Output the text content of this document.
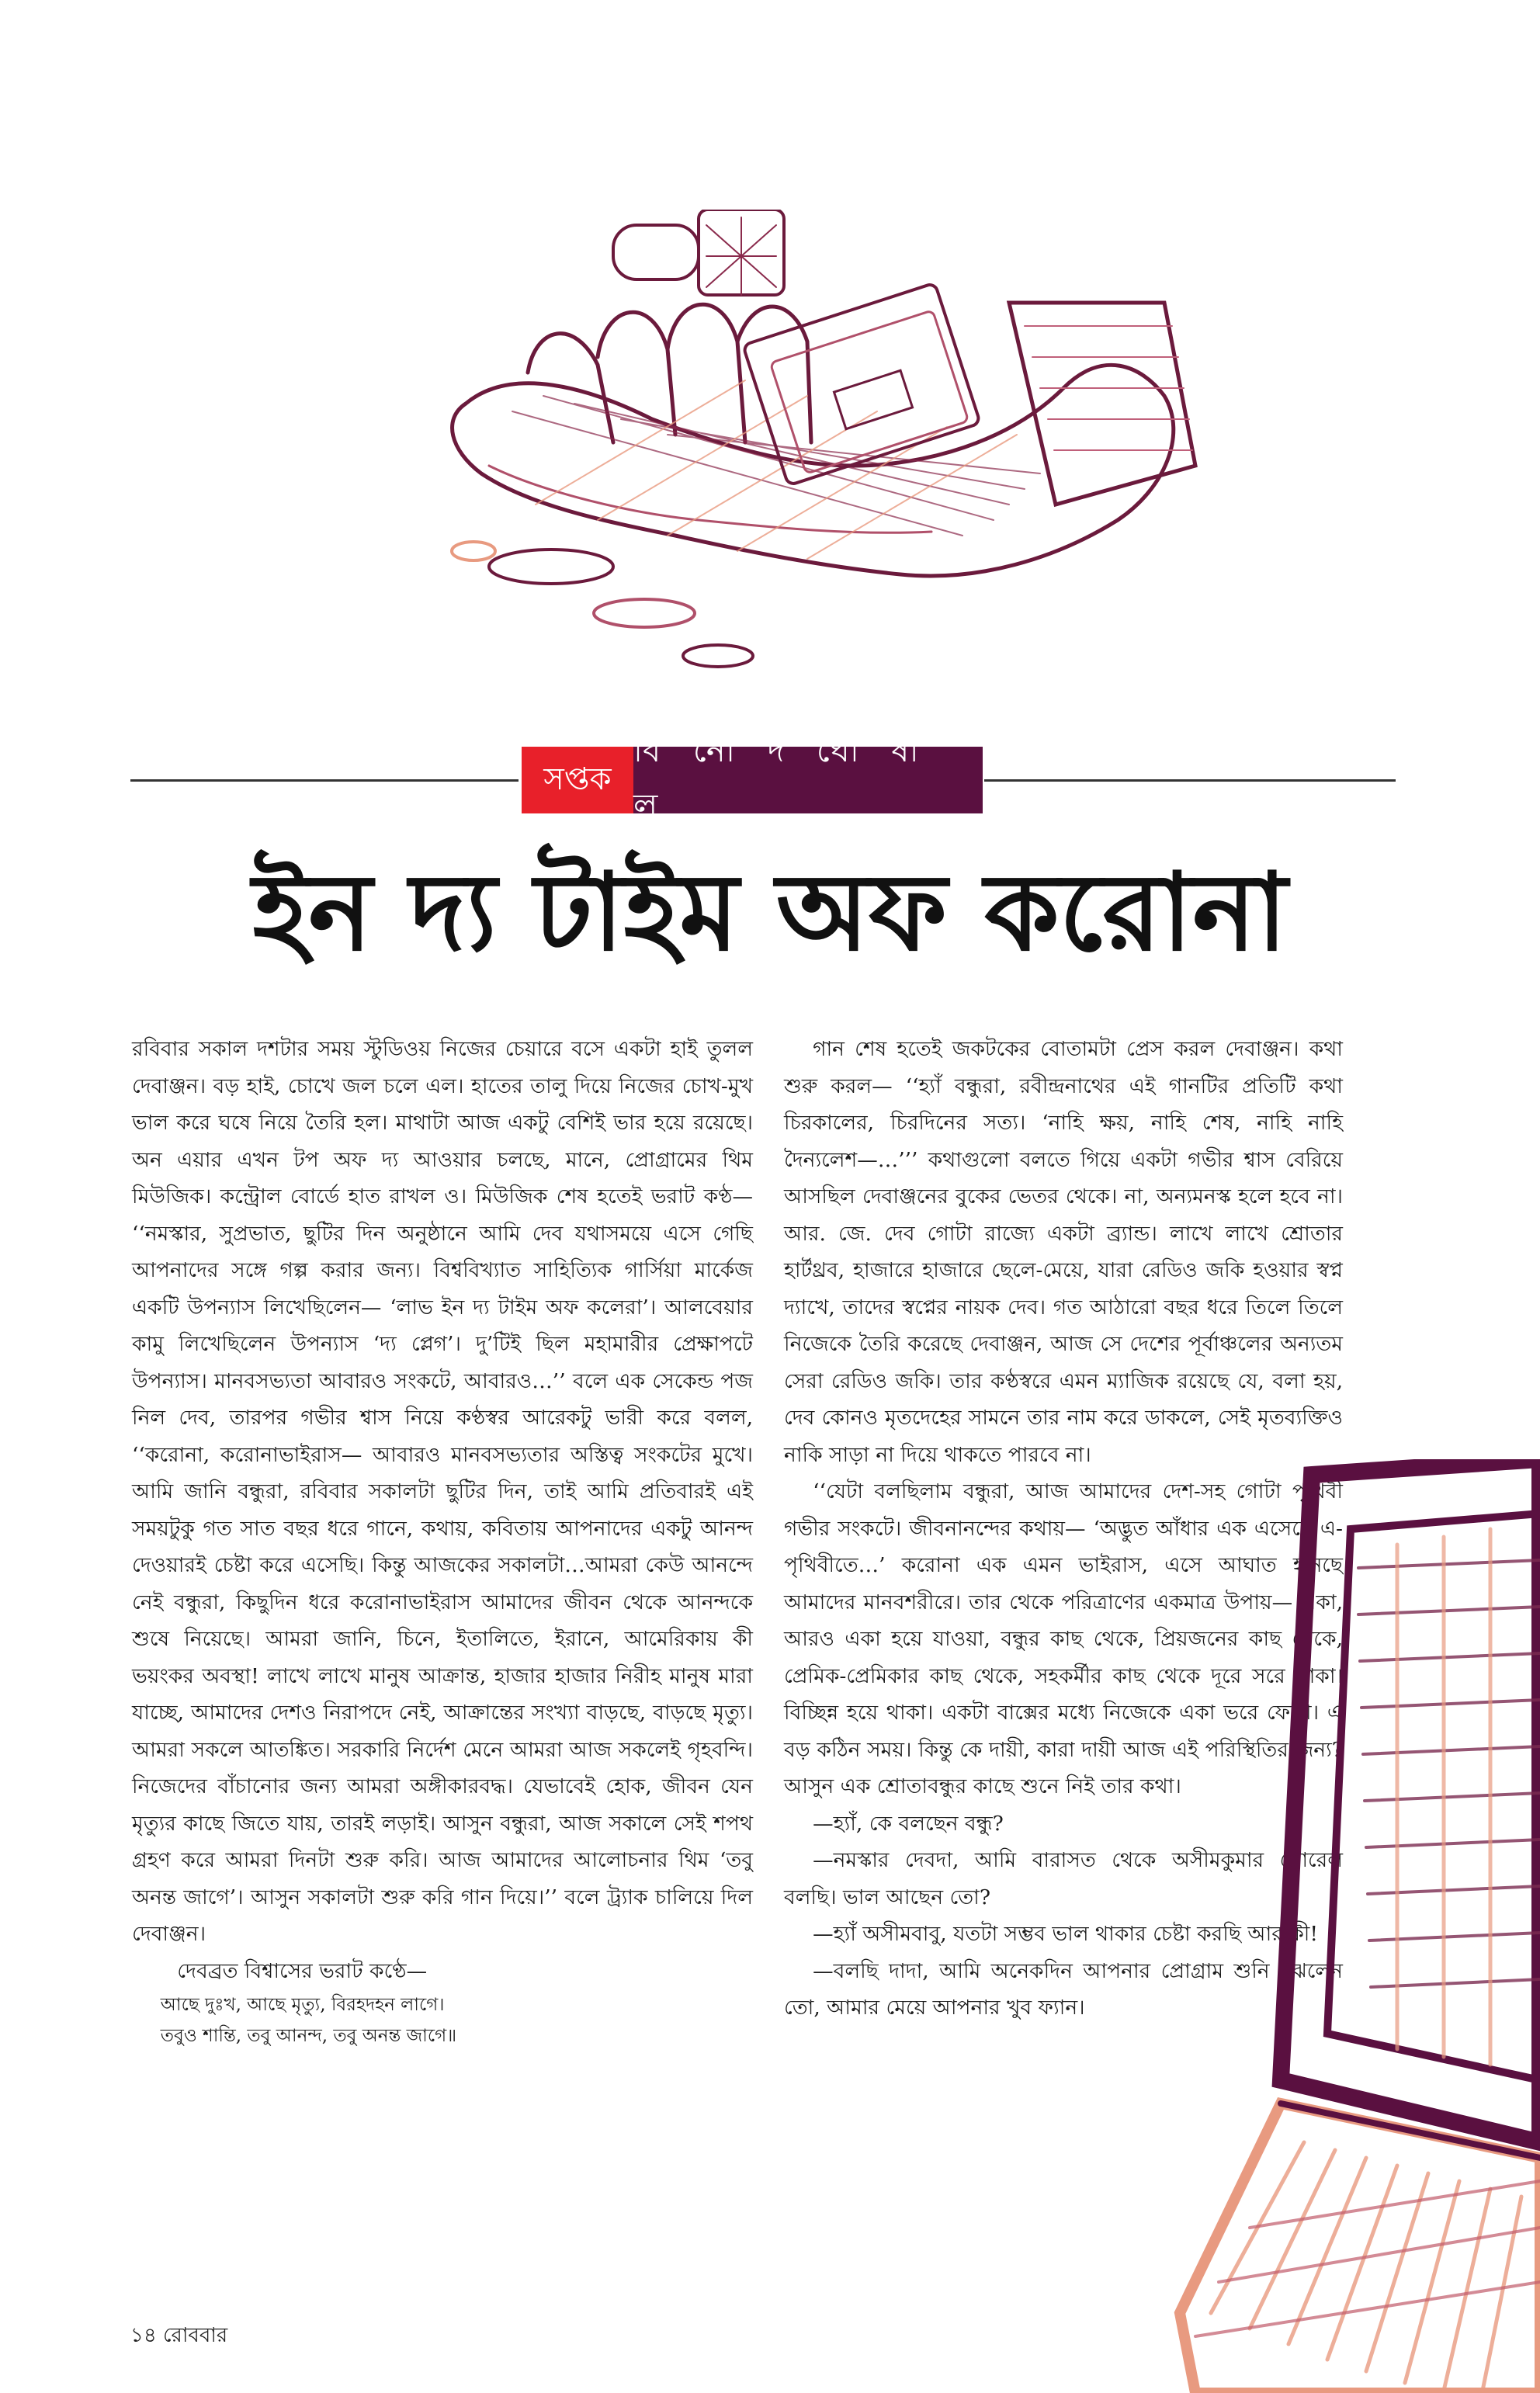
সপ্তক
বি নো দ ঘো ষা ল
ইন দ্য টাইম অফ করোনা

রবিবার সকাল দশটার সময় স্টুডিওয় নিজের চেয়ারে বসে একটা হাই তুলল দেবাঞ্জন। বড় হাই, চোখে জল চলে এল। হাতের তালু দিয়ে নিজের চোখ-মুখ ভাল করে ঘষে নিয়ে তৈরি হল। মাথাটা আজ একটু বেশিই ভার হয়ে রয়েছে। অন এয়ার এখন টপ অফ দ্য আওয়ার চলছে, মানে, প্রোগ্রামের থিম মিউজিক। কন্ট্রোল বোর্ডে হাত রাখল ও। মিউজিক শেষ হতেই ভরাট কণ্ঠ— ‘‘নমস্কার, সুপ্রভাত, ছুটির দিন অনুষ্ঠানে আমি দেব যথাসময়ে এসে গেছি আপনাদের সঙ্গে গল্প করার জন্য। বিশ্ববিখ্যাত সাহিত্যিক গার্সিয়া মার্কেজ একটি উপন্যাস লিখেছিলেন— ‘লাভ ইন দ্য টাইম অফ কলেরা’। আলবেয়ার কামু লিখেছিলেন উপন্যাস ‘দ্য প্লেগ’। দু’টিই ছিল মহামারীর প্রেক্ষাপটে উপন্যাস। মানবসভ্যতা আবারও সংকটে, আবারও…’’ বলে এক সেকেন্ড পজ নিল দেব, তারপর গভীর শ্বাস নিয়ে কণ্ঠস্বর আরেকটু ভারী করে বলল, ‘‘করোনা, করোনাভাইরাস— আবারও মানবসভ্যতার অস্তিত্ব সংকটের মুখে। আমি জানি বন্ধুরা, রবিবার সকালটা ছুটির দিন, তাই আমি প্রতিবারই এই সময়টুকু গত সাত বছর ধরে গানে, কথায়, কবিতায় আপনাদের একটু আনন্দ দেওয়ারই চেষ্টা করে এসেছি। কিন্তু আজকের সকালটা…আমরা কেউ আনন্দে নেই বন্ধুরা, কিছুদিন ধরে করোনাভাইরাস আমাদের জীবন থেকে আনন্দকে শুষে নিয়েছে। আমরা জানি, চিনে, ইতালিতে, ইরানে, আমেরিকায় কী ভয়ংকর অবস্থা! লাখে লাখে মানুষ আক্রান্ত, হাজার হাজার নিরীহ মানুষ মারা যাচ্ছে, আমাদের দেশও নিরাপদে নেই, আক্রান্তের সংখ্যা বাড়ছে, বাড়ছে মৃত্যু। আমরা সকলে আতঙ্কিত। সরকারি নির্দেশ মেনে আমরা আজ সকলেই গৃহবন্দি। নিজেদের বাঁচানোর জন্য আমরা অঙ্গীকারবদ্ধ। যেভাবেই হোক, জীবন যেন মৃত্যুর কাছে জিতে যায়, তারই লড়াই। আসুন বন্ধুরা, আজ সকালে সেই শপথ গ্রহণ করে আমরা দিনটা শুরু করি। আজ আমাদের আলোচনার থিম ‘তবু অনন্ত জাগে’। আসুন সকালটা শুরু করি গান দিয়ে।’’ বলে ট্র্যাক চালিয়ে দিল দেবাঞ্জন।

দেবব্রত বিশ্বাসের ভরাট কণ্ঠে—

আছে দুঃখ, আছে মৃত্যু, বিরহদহন লাগে।

তবুও শান্তি, তবু আনন্দ, তবু অনন্ত জাগে॥

গান শেষ হতেই জকটকের বোতামটা প্রেস করল দেবাঞ্জন। কথা শুরু করল— ‘‘হ্যাঁ বন্ধুরা, রবীন্দ্রনাথের এই গানটির প্রতিটি কথা চিরকালের, চিরদিনের সত্য। ‘নাহি ক্ষয়, নাহি শেষ, নাহি নাহি দৈন্যলেশ—…’’’ কথাগুলো বলতে গিয়ে একটা গভীর শ্বাস বেরিয়ে আসছিল দেবাঞ্জনের বুকের ভেতর থেকে। না, অন্যমনস্ক হলে হবে না। আর. জে. দেব গোটা রাজ্যে একটা ব্র্যান্ড। লাখে লাখে শ্রোতার হার্টথ্রব, হাজারে হাজারে ছেলে-মেয়ে, যারা রেডিও জকি হওয়ার স্বপ্ন দ্যাখে, তাদের স্বপ্নের নায়ক দেব। গত আঠারো বছর ধরে তিলে তিলে নিজেকে তৈরি করেছে দেবাঞ্জন, আজ সে দেশের পূর্বাঞ্চলের অন্যতম সেরা রেডিও জকি। তার কণ্ঠস্বরে এমন ম্যাজিক রয়েছে যে, বলা হয়, দেব কোনও মৃতদেহের সামনে তার নাম করে ডাকলে, সেই মৃতব্যক্তিও নাকি সাড়া না দিয়ে থাকতে পারবে না।

‘‘যেটা বলছিলাম বন্ধুরা, আজ আমাদের দেশ-সহ গোটা পৃথিবী গভীর সংকটে। জীবনানন্দের কথায়— ‘অদ্ভুত আঁধার এক এসেছে এ-পৃথিবীতে…’ করোনা এক এমন ভাইরাস, এসে আঘাত হানছে আমাদের মানবশরীরে। তার থেকে পরিত্রাণের একমাত্র উপায়— একা, আরও একা হয়ে যাওয়া, বন্ধুর কাছ থেকে, প্রিয়জনের কাছ থেকে, প্রেমিক-প্রেমিকার কাছ থেকে, সহকর্মীর কাছ থেকে দূরে সরে থাকা। বিচ্ছিন্ন হয়ে থাকা। একটা বাক্সের মধ্যে নিজেকে একা ভরে ফেলা। এ বড় কঠিন সময়। কিন্তু কে দায়ী, কারা দায়ী আজ এই পরিস্থিতির জন্য? আসুন এক শ্রোতাবন্ধুর কাছে শুনে নিই তার কথা।

—হ্যাঁ, কে বলছেন বন্ধু?

—নমস্কার দেবদা, আমি বারাসত থেকে অসীমকুমার পোরেল বলছি। ভাল আছেন তো?

—হ্যাঁ অসীমবাবু, যতটা সম্ভব ভাল থাকার চেষ্টা করছি আর কী!

—বলছি দাদা, আমি অনেকদিন আপনার প্রোগ্রাম শুনি বুঝলেন তো, আমার মেয়ে আপনার খুব ফ্যান।

১৪ রোববার
